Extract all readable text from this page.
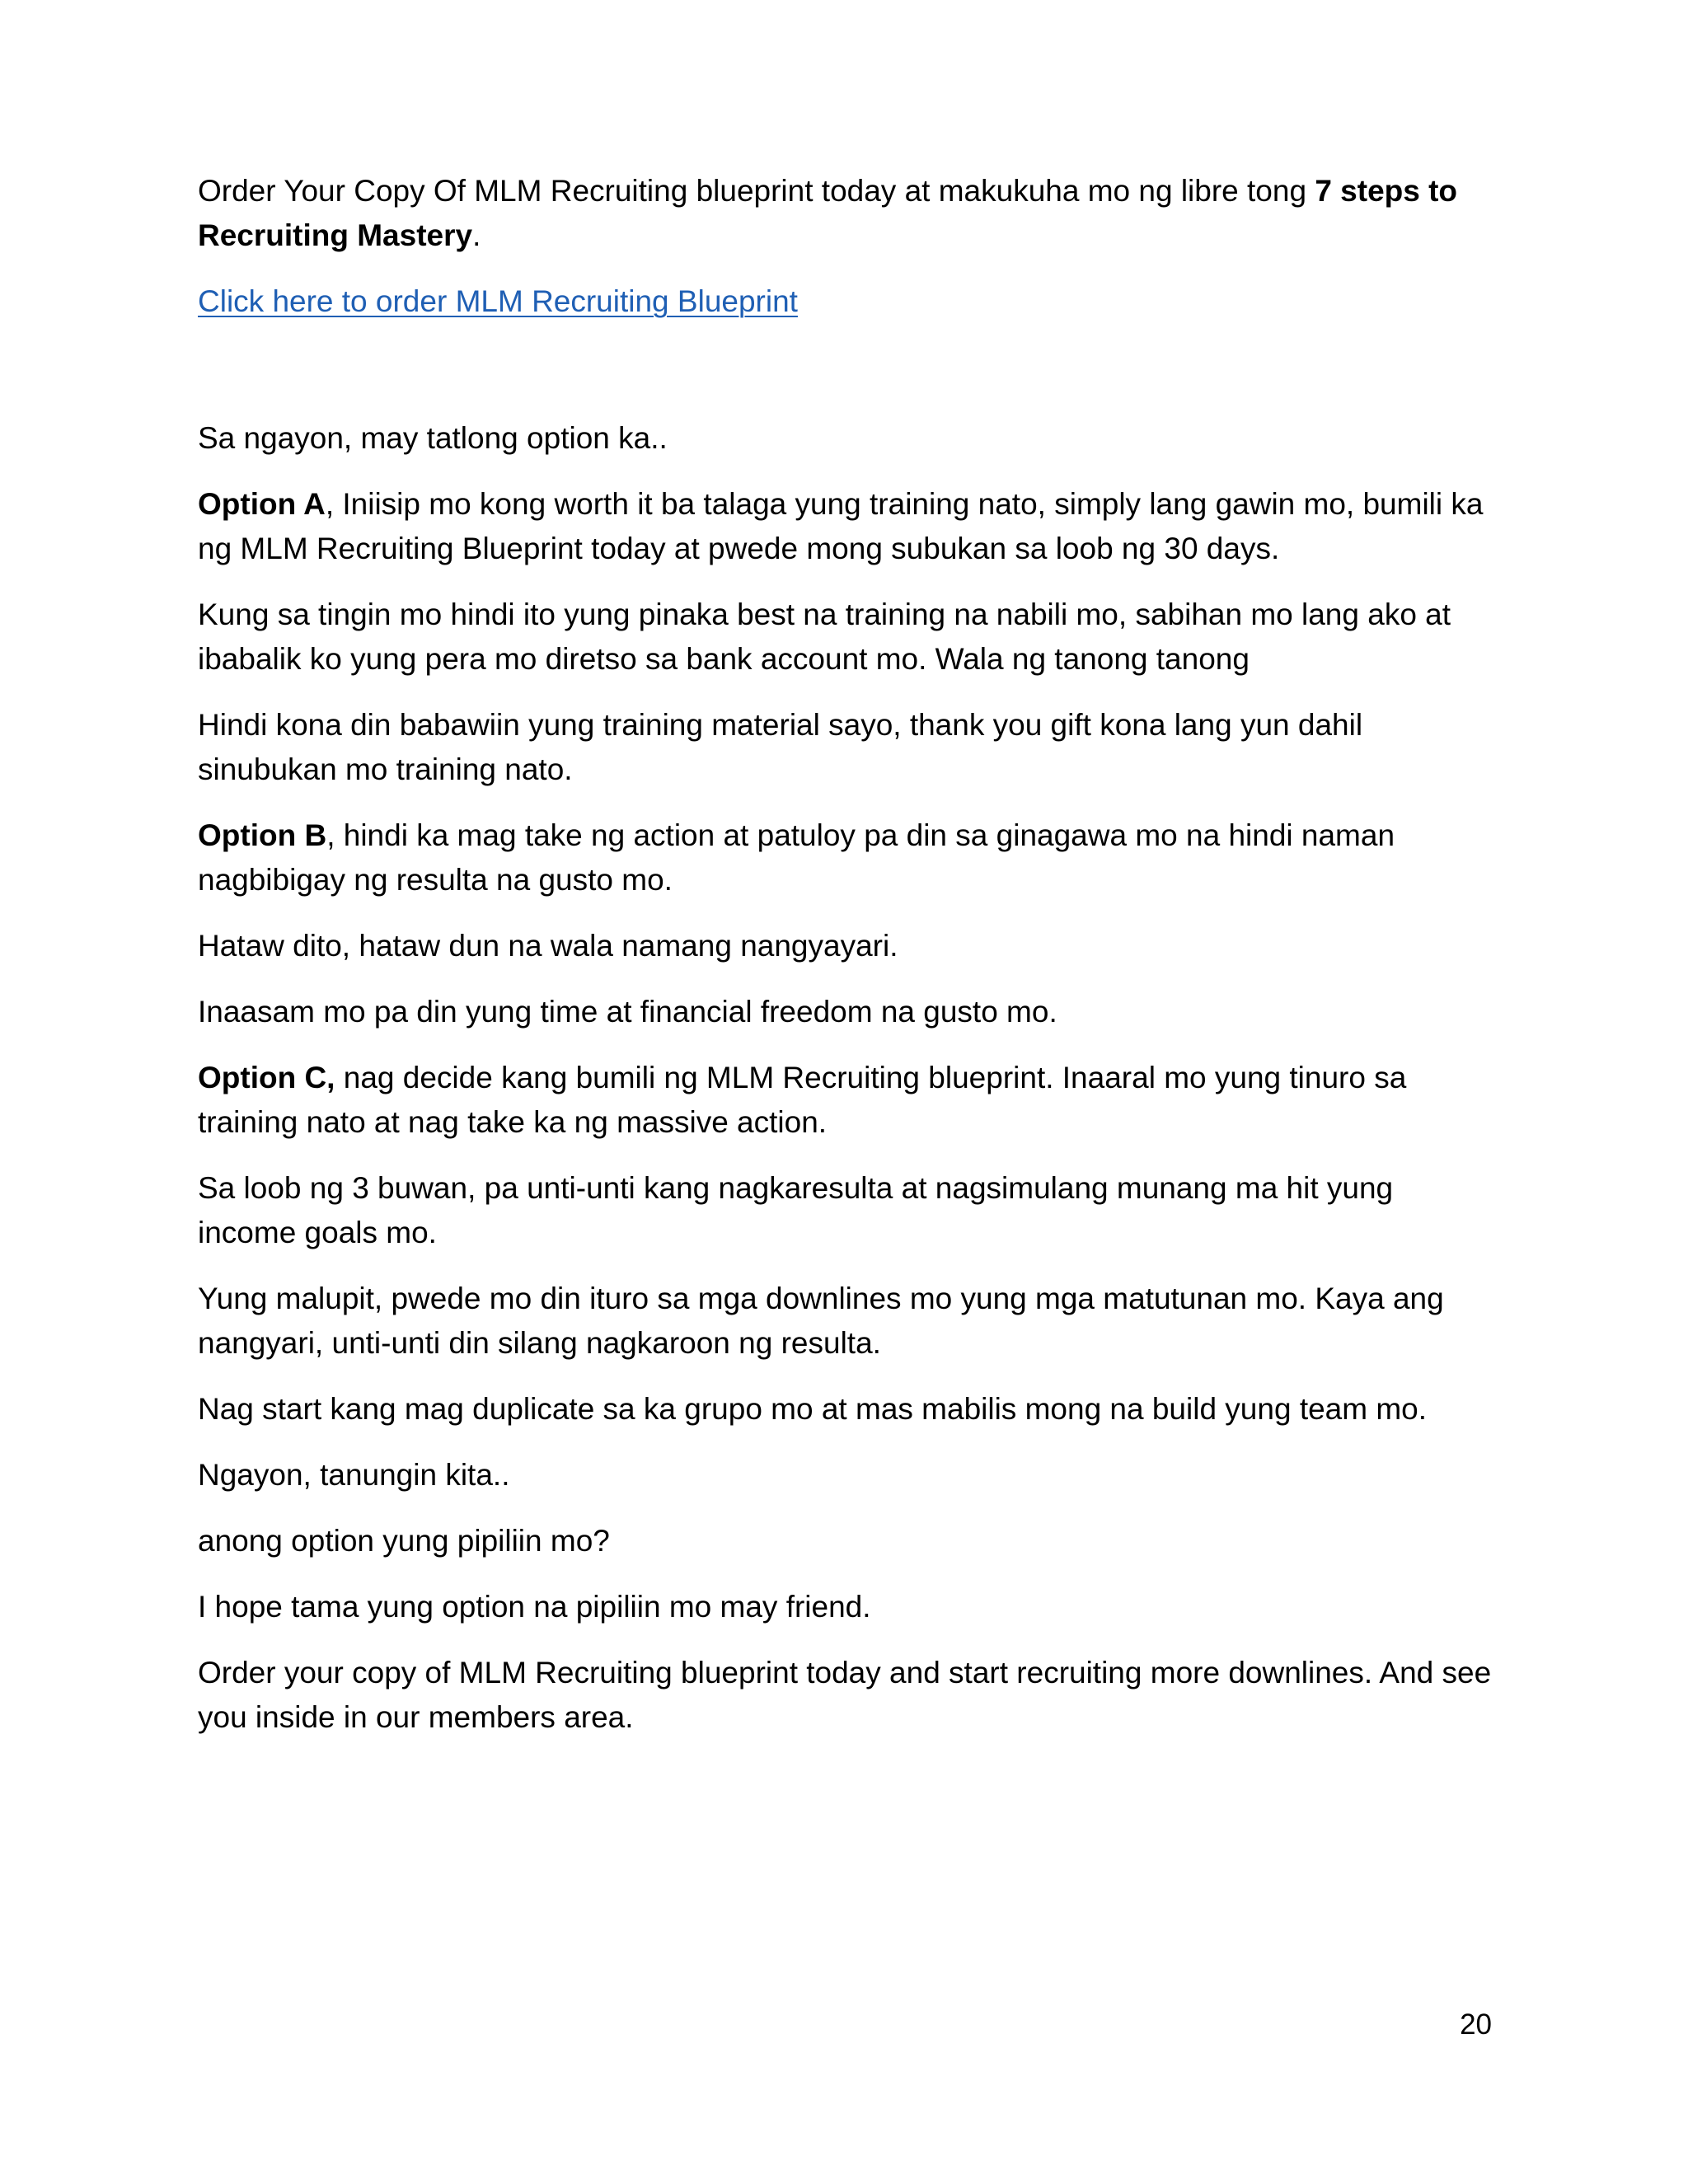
Order Your Copy Of MLM Recruiting blueprint today at makukuha mo ng libre tong 7 steps to Recruiting Mastery.

Click here to order MLM Recruiting Blueprint

Sa ngayon, may tatlong option ka..

Option A, Iniisip mo kong worth it ba talaga yung training nato, simply lang gawin mo, bumili ka ng MLM Recruiting Blueprint today at pwede mong subukan sa loob ng 30 days.

Kung sa tingin mo hindi ito yung pinaka best na training na nabili mo, sabihan mo lang ako at ibabalik ko yung pera mo diretso sa bank account mo. Wala ng tanong tanong

Hindi kona din babawiin yung training material sayo, thank you gift kona lang yun dahil sinubukan mo training nato.

Option B, hindi ka mag take ng action at patuloy pa din sa ginagawa mo na hindi naman nagbibigay ng resulta na gusto mo.

Hataw dito, hataw dun na wala namang nangyayari.

Inaasam mo pa din yung time at financial freedom na gusto mo.

Option C, nag decide kang bumili ng MLM Recruiting blueprint. Inaaral mo yung tinuro sa training nato at nag take ka ng massive action.

Sa loob ng 3 buwan, pa unti-unti kang nagkaresulta at nagsimulang munang ma hit yung income goals mo.

Yung malupit, pwede mo din ituro sa mga downlines mo yung mga matutunan mo. Kaya ang nangyari, unti-unti din silang nagkaroon ng resulta.

Nag start kang mag duplicate sa ka grupo mo at mas mabilis mong na build yung team mo.

Ngayon, tanungin kita..

anong option yung pipiliin mo?

I hope tama yung option na pipiliin mo may friend.

Order your copy of MLM Recruiting blueprint today and start recruiting more downlines. And see you inside in our members area.

20
